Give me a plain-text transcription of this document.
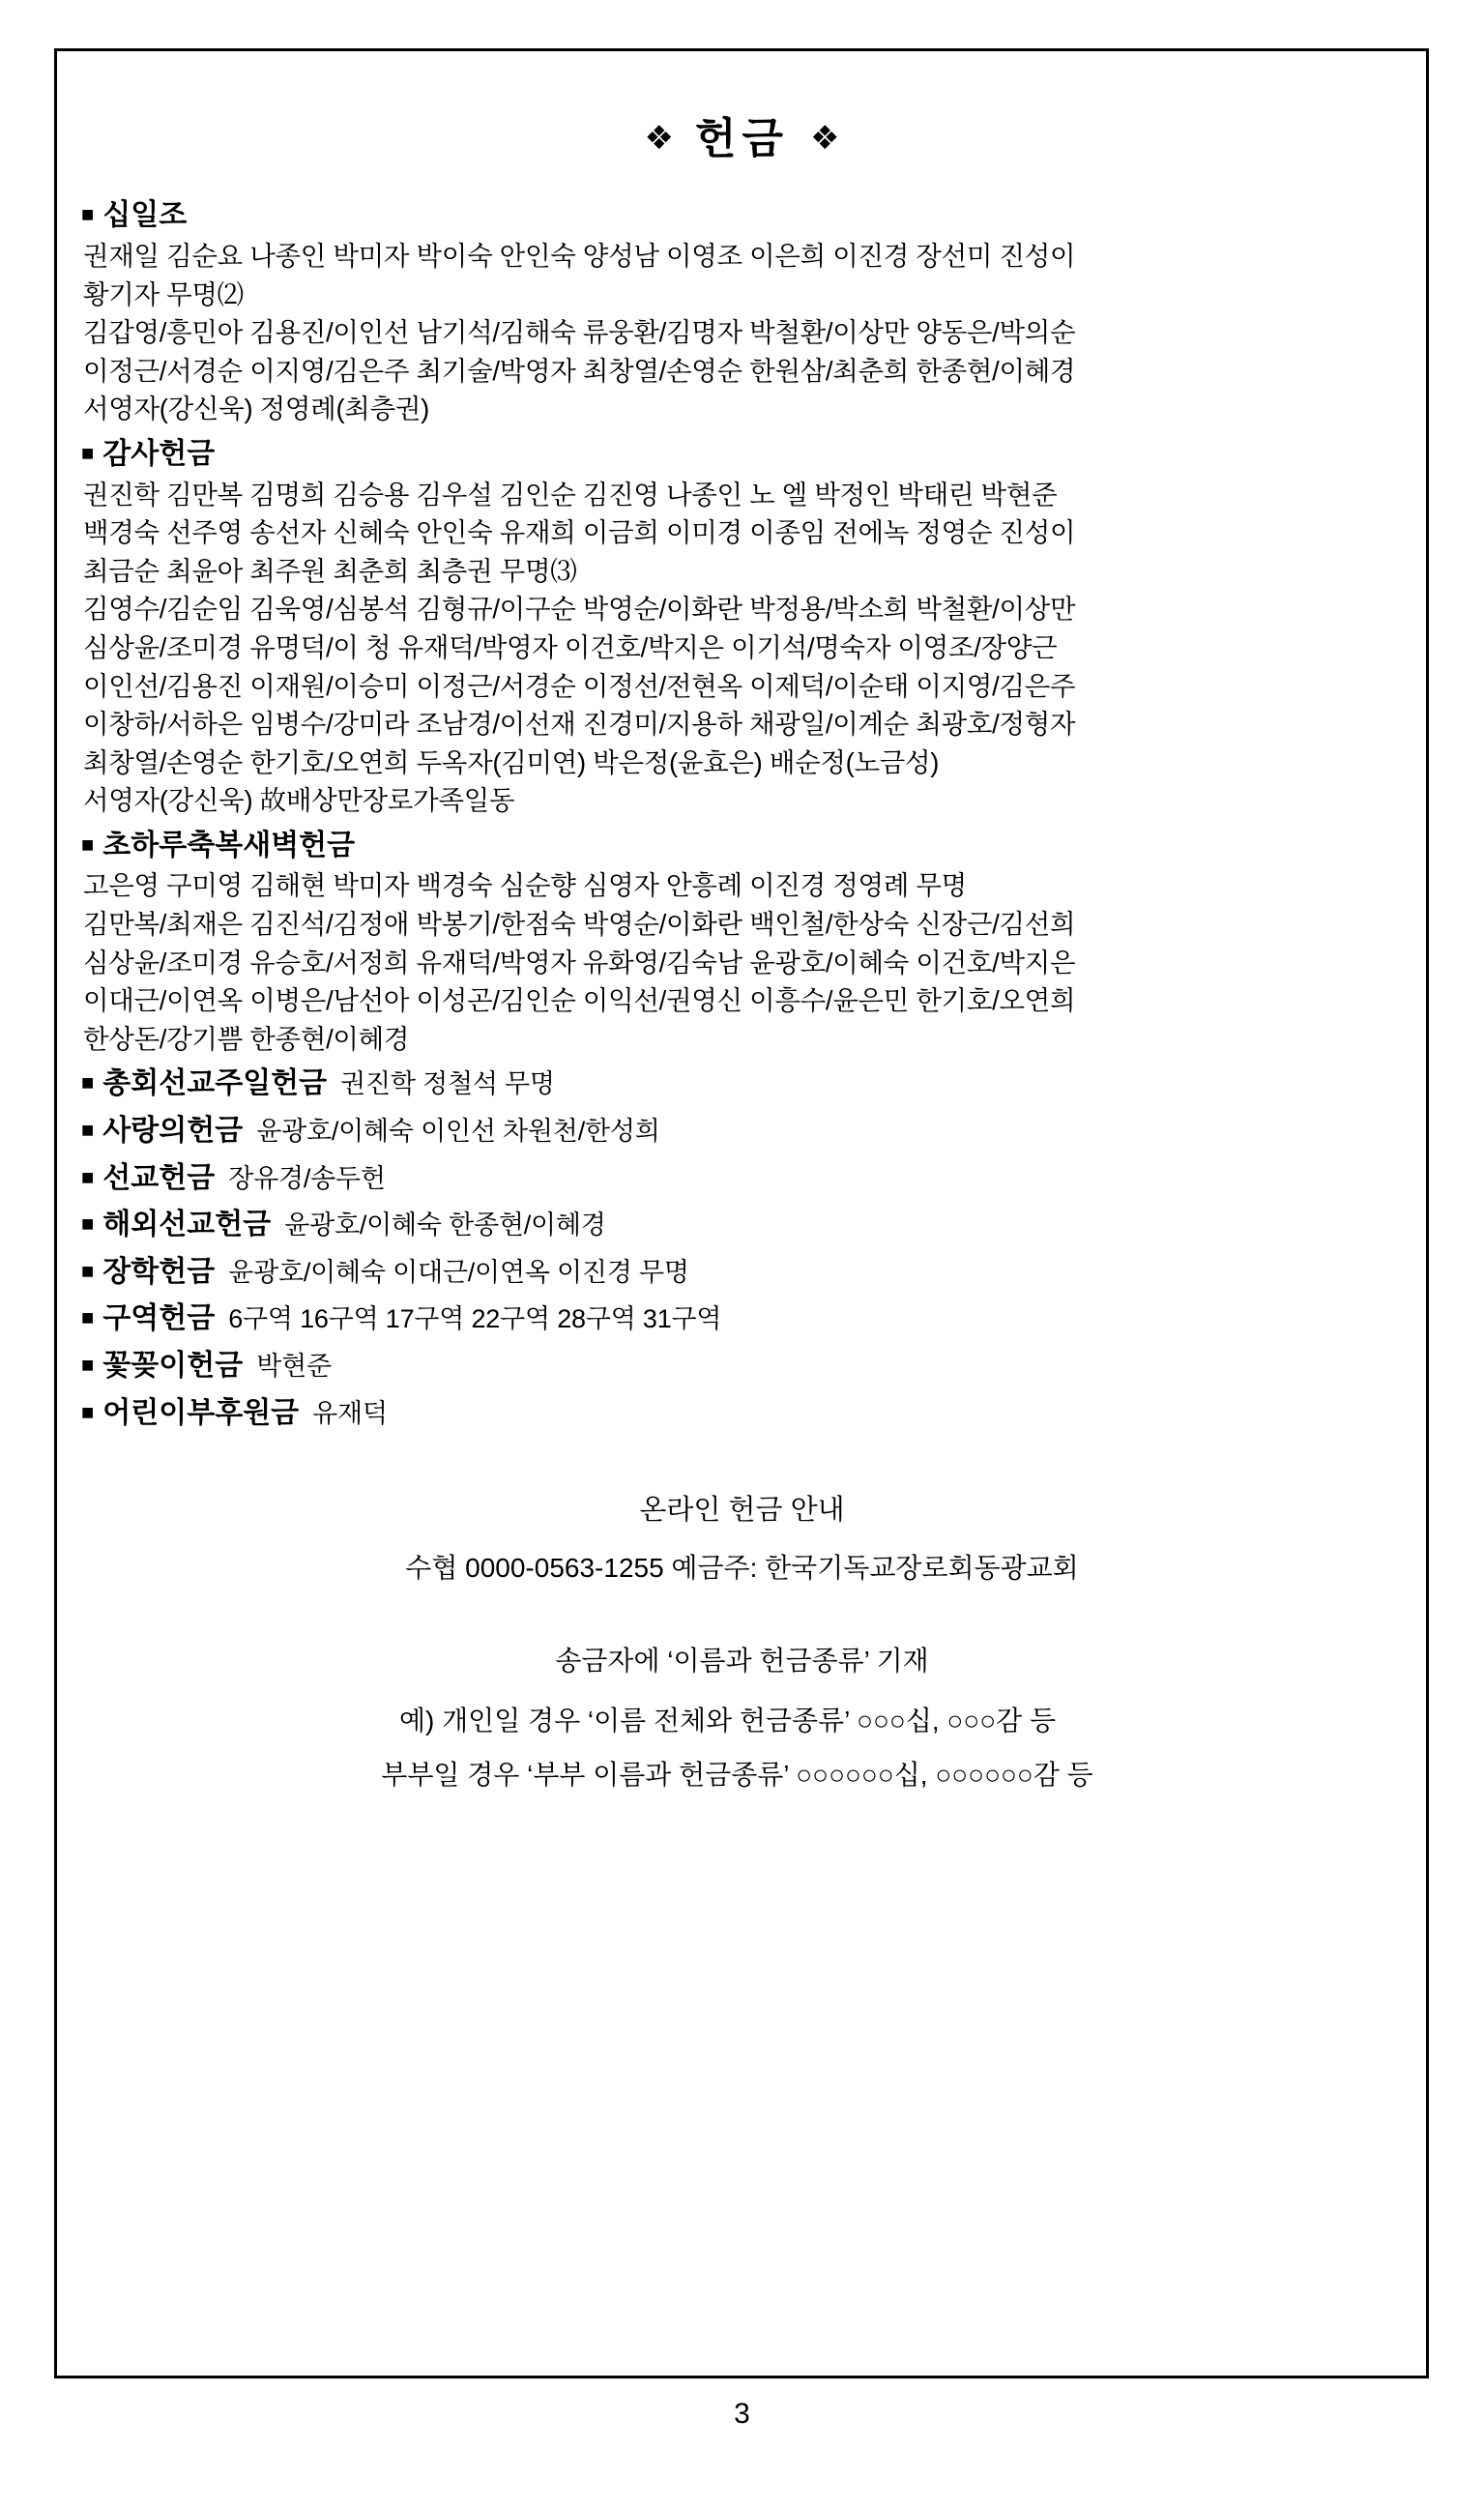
❖ 헌금 ❖
■ 십일조
권재일 김순요 나종인 박미자 박이숙 안인숙 양성남 이영조 이은희 이진경 장선미 진성이
황기자 무명⑵
김갑영/흥민아 김용진/이인선 남기석/김해숙 류웅환/김명자 박철환/이상만 양동은/박의순
이정근/서경순 이지영/김은주 최기술/박영자 최창열/손영순 한원삼/최춘희 한종현/이혜경
서영자(강신욱) 정영례(최층권)
■ 감사헌금
권진학 김만복 김명희 김승용 김우설 김인순 김진영 나종인 노 엘 박정인 박태린 박현준
백경숙 선주영 송선자 신혜숙 안인숙 유재희 이금희 이미경 이종임 전에녹 정영순 진성이
최금순 최윤아 최주원 최춘희 최층권 무명⑶
김영수/김순임 김욱영/심봉석 김형규/이구순 박영순/이화란 박정용/박소희 박철환/이상만
심상윤/조미경 유명덕/이 청 유재덕/박영자 이건호/박지은 이기석/명숙자 이영조/장양근
이인선/김용진 이재원/이승미 이정근/서경순 이정선/전현옥 이제덕/이순태 이지영/김은주
이창하/서하은 임병수/강미라 조남경/이선재 진경미/지용하 채광일/이계순 최광호/정형자
최창열/손영순 한기호/오연희 두옥자(김미연) 박은정(윤효은) 배순정(노금성)
서영자(강신욱) 故배상만장로가족일동
■ 초하루축복새벽헌금
고은영 구미영 김해현 박미자 백경숙 심순향 심영자 안흥례 이진경 정영례 무명
김만복/최재은 김진석/김정애 박봉기/한점숙 박영순/이화란 백인철/한상숙 신장근/김선희
심상윤/조미경 유승호/서정희 유재덕/박영자 유화영/김숙남 윤광호/이혜숙 이건호/박지은
이대근/이연옥 이병은/남선아 이성곤/김인순 이익선/권영신 이흥수/윤은민 한기호/오연희
한상돈/강기쁨 한종현/이혜경
■ 총회선교주일헌금 권진학 정철석 무명
■ 사랑의헌금 윤광호/이혜숙 이인선 차원천/한성희
■ 선교헌금 장유경/송두헌
■ 해외선교헌금 윤광호/이혜숙 한종현/이혜경
■ 장학헌금 윤광호/이혜숙 이대근/이연옥 이진경 무명
■ 구역헌금 6구역 16구역 17구역 22구역 28구역 31구역
■ 꽃꽂이헌금 박현준
■ 어린이부후원금 유재덕
온라인 헌금 안내
수협 0000-0563-1255 예금주: 한국기독교장로회동광교회
송금자에 ‘이름과 헌금종류’ 기재
예) 개인일 경우 ‘이름 전체와 헌금종류’ ○○○십, ○○○감 등
부부일 경우 ‘부부 이름과 헌금종류’ ○○○○○○십, ○○○○○○감 등
3
